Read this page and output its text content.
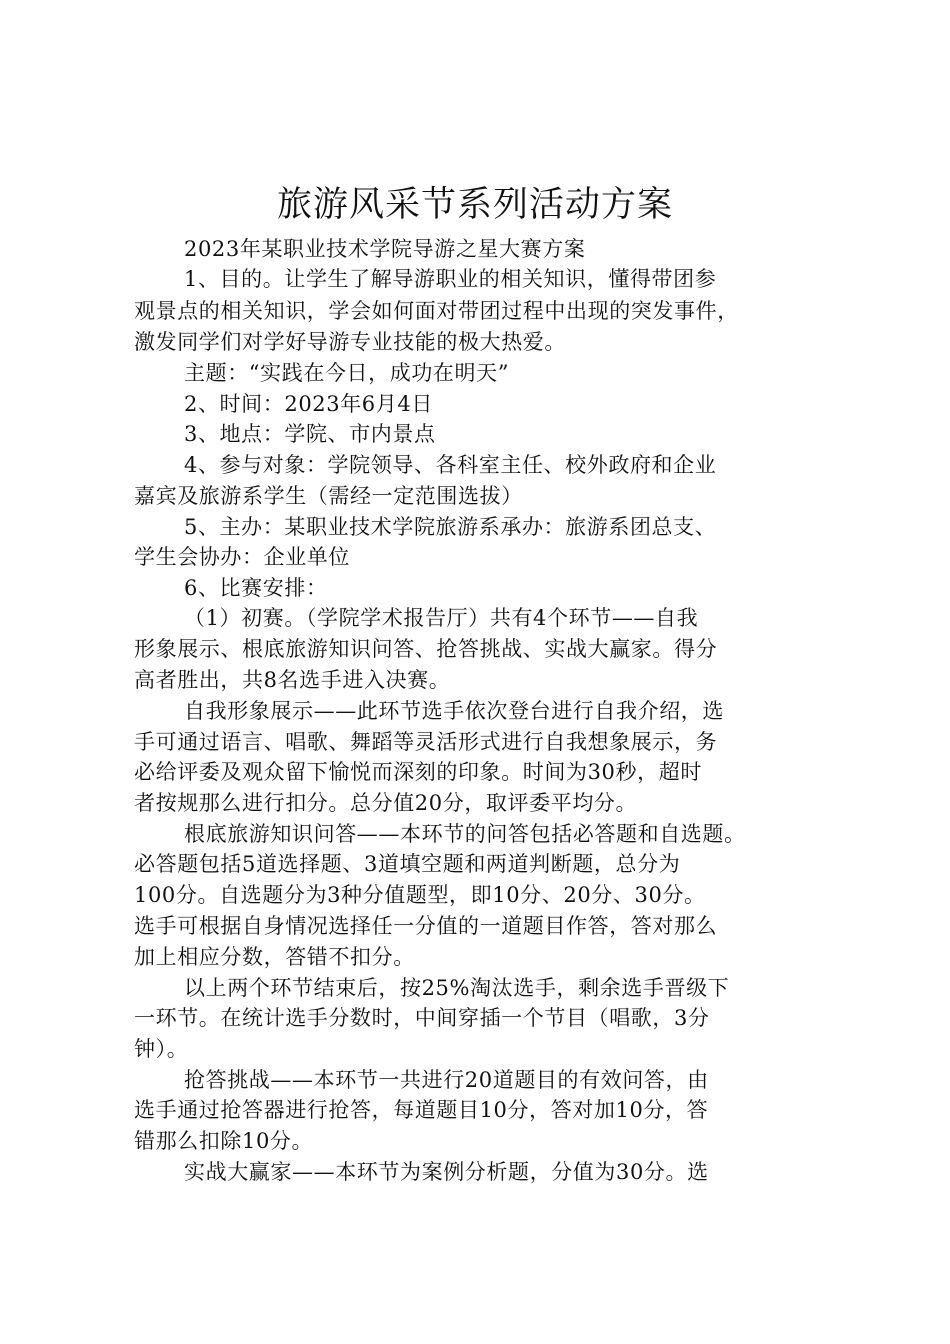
旅游风采节系列活动方案
2023年某职业技术学院导游之星大赛方案
1、目的。让学生了解导游职业的相关知识，懂得带团参
观景点的相关知识，学会如何面对带团过程中出现的突发事件，
激发同学们对学好导游专业技能的极大热爱。
主题：“实践在今日，成功在明天”
2、时间：2023年6月4日
3、地点：学院、市内景点
4、参与对象：学院领导、各科室主任、校外政府和企业
嘉宾及旅游系学生（需经一定范围选拔）
5、主办：某职业技术学院旅游系承办：旅游系团总支、
学生会协办：企业单位
6、比赛安排：
（1）初赛。（学院学术报告厅）共有4个环节——自我
形象展示、根底旅游知识问答、抢答挑战、实战大赢家。得分
高者胜出，共8名选手进入决赛。
自我形象展示——此环节选手依次登台进行自我介绍，选
手可通过语言、唱歌、舞蹈等灵活形式进行自我想象展示，务
必给评委及观众留下愉悦而深刻的印象。时间为30秒，超时
者按规那么进行扣分。总分值20分，取评委平均分。
根底旅游知识问答——本环节的问答包括必答题和自选题。
必答题包括5道选择题、3道填空题和两道判断题，总分为
100分。自选题分为3种分值题型，即10分、20分、30分。
选手可根据自身情况选择任一分值的一道题目作答，答对那么
加上相应分数，答错不扣分。
以上两个环节结束后，按25%淘汰选手，剩余选手晋级下
一环节。在统计选手分数时，中间穿插一个节目（唱歌，3分
钟）。
抢答挑战——本环节一共进行20道题目的有效问答，由
选手通过抢答器进行抢答，每道题目10分，答对加10分，答
错那么扣除10分。
实战大赢家——本环节为案例分析题，分值为30分。选
